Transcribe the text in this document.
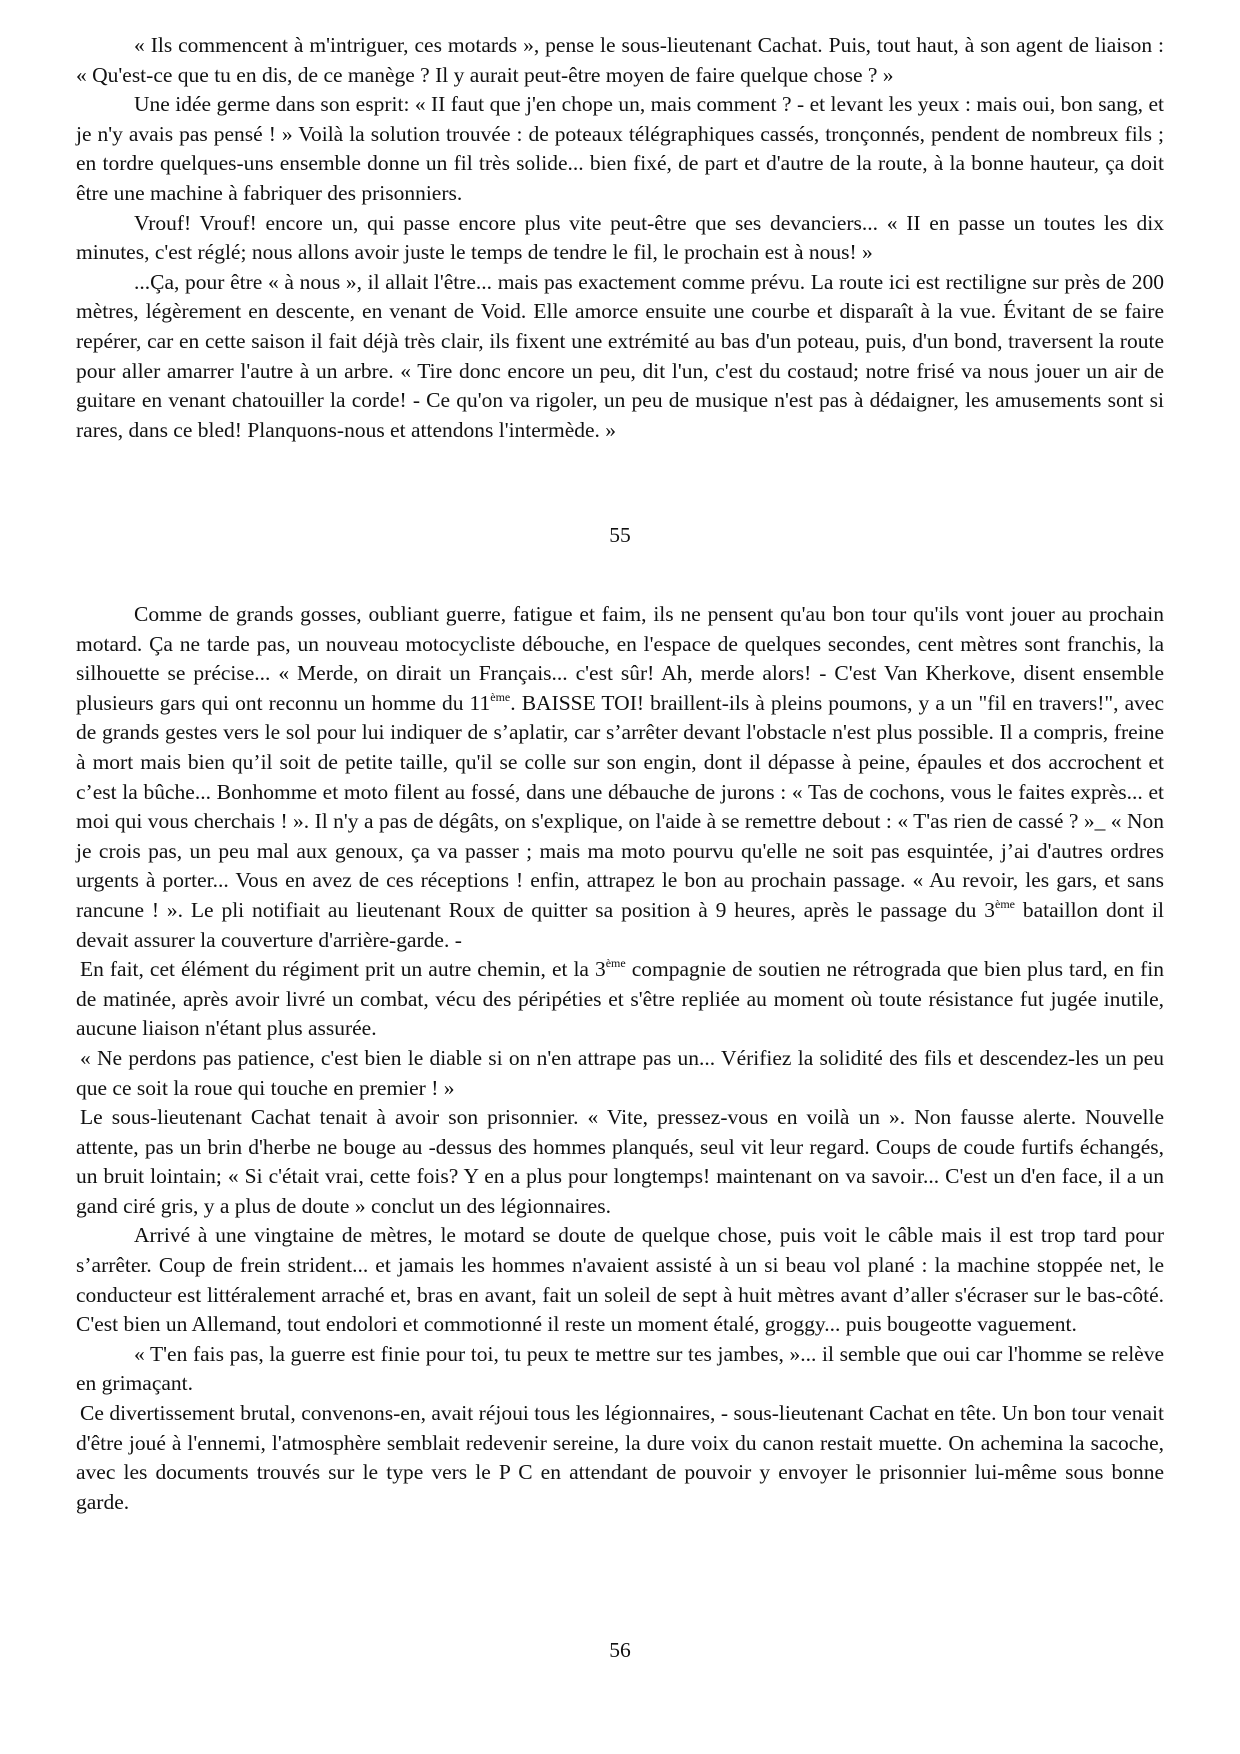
« Ils commencent à m'intriguer, ces motards », pense le sous-lieutenant Cachat. Puis, tout haut, à son agent de liaison : « Qu'est-ce que tu en dis, de ce manège ? Il y aurait peut-être moyen de faire quelque chose ? »

Une idée germe dans son esprit: « II faut que j'en chope un, mais comment ? - et levant les yeux : mais oui, bon sang, et je n'y avais pas pensé ! » Voilà la solution trouvée : de poteaux télégraphiques cassés, tronçonnés, pendent de nombreux fils ; en tordre quelques-uns ensemble donne un fil très solide... bien fixé, de part et d'autre de la route, à la bonne hauteur, ça doit être une machine à fabriquer des prisonniers.

Vrouf! Vrouf! encore un, qui passe encore plus vite peut-être que ses devanciers... « II en passe un toutes les dix minutes, c'est réglé; nous allons avoir juste le temps de tendre le fil, le prochain est à nous! »

...Ça, pour être « à nous », il allait l'être... mais pas exactement comme prévu. La route ici est rectiligne sur près de 200 mètres, légèrement en descente, en venant de Void. Elle amorce ensuite une courbe et disparaît à la vue. Évitant de se faire repérer, car en cette saison il fait déjà très clair, ils fixent une extrémité au bas d'un poteau, puis, d'un bond, traversent la route pour aller amarrer l'autre à un arbre. « Tire donc encore un peu, dit l'un, c'est du costaud; notre frisé va nous jouer un air de guitare en venant chatouiller la corde! - Ce qu'on va rigoler, un peu de musique n'est pas à dédaigner, les amusements sont si rares, dans ce bled! Planquons-nous et attendons l'intermède. »

55

Comme de grands gosses, oubliant guerre, fatigue et faim, ils ne pensent qu'au bon tour qu'ils vont jouer au prochain motard. Ça ne tarde pas, un nouveau motocycliste débouche, en l'espace de quelques secondes, cent mètres sont franchis, la silhouette se précise... « Merde, on dirait un Français... c'est sûr! Ah, merde alors! - C'est Van Kherkove, disent ensemble plusieurs gars qui ont reconnu un homme du 11ème. BAISSE TOI! braillent-ils à pleins poumons, y a un "fil en travers!", avec de grands gestes vers le sol pour lui indiquer de s’aplatir, car s’arrêter devant l'obstacle n'est plus possible. Il a compris, freine à mort mais bien qu’il soit de petite taille, qu'il se colle sur son engin, dont il dépasse à peine, épaules et dos accrochent et c’est la bûche... Bonhomme et moto filent au fossé, dans une débauche de jurons : « Tas de cochons, vous le faites exprès... et moi qui vous cherchais ! ». Il n'y a pas de dégâts, on s'explique, on l'aide à se remettre debout : « T'as rien de cassé ? »_ « Non je crois pas, un peu mal aux genoux, ça va passer ; mais ma moto pourvu qu'elle ne soit pas esquintée, j’ai d'autres ordres urgents à porter... Vous en avez de ces réceptions ! enfin, attrapez le bon au prochain passage. « Au revoir, les gars, et sans rancune ! ». Le pli notifiait au lieutenant Roux de quitter sa position à 9 heures, après le passage du 3ème bataillon dont il devait assurer la couverture d'arrière-garde. -

En fait, cet élément du régiment prit un autre chemin, et la 3ème compagnie de soutien ne rétrograda que bien plus tard, en fin de matinée, après avoir livré un combat, vécu des péripéties et s'être repliée au moment où toute résistance fut jugée inutile, aucune liaison n'étant plus assurée.

« Ne perdons pas patience, c'est bien le diable si on n'en attrape pas un... Vérifiez la solidité des fils et descendez-les un peu que ce soit la roue qui touche en premier ! »

Le sous-lieutenant Cachat tenait à avoir son prisonnier. « Vite, pressez-vous en voilà un ». Non fausse alerte. Nouvelle attente, pas un brin d'herbe ne bouge au -dessus des hommes planqués, seul vit leur regard. Coups de coude furtifs échangés, un bruit lointain; « Si c'était vrai, cette fois? Y en a plus pour longtemps! maintenant on va savoir... C'est un d'en face, il a un gand ciré gris, y a plus de doute » conclut un des légionnaires.

Arrivé à une vingtaine de mètres, le motard se doute de quelque chose, puis voit le câble mais il est trop tard pour s’arrêter. Coup de frein strident... et jamais les hommes n'avaient assisté à un si beau vol plané : la machine stoppée net, le conducteur est littéralement arraché et, bras en avant, fait un soleil de sept à huit mètres avant d’aller s'écraser sur le bas-côté. C'est bien un Allemand, tout endolori et commotionné il reste un moment étalé, groggy... puis bougeotte vaguement.

« T'en fais pas, la guerre est finie pour toi, tu peux te mettre sur tes jambes, »... il semble que oui car l'homme se relève en grimaçant.

Ce divertissement brutal, convenons-en, avait réjoui tous les légionnaires, - sous-lieutenant Cachat en tête. Un bon tour venait d'être joué à l'ennemi, l'atmosphère semblait redevenir sereine, la dure voix du canon restait muette. On achemina la sacoche, avec les documents trouvés sur le type vers le P C en attendant de pouvoir y envoyer le prisonnier lui-même sous bonne garde.

56
